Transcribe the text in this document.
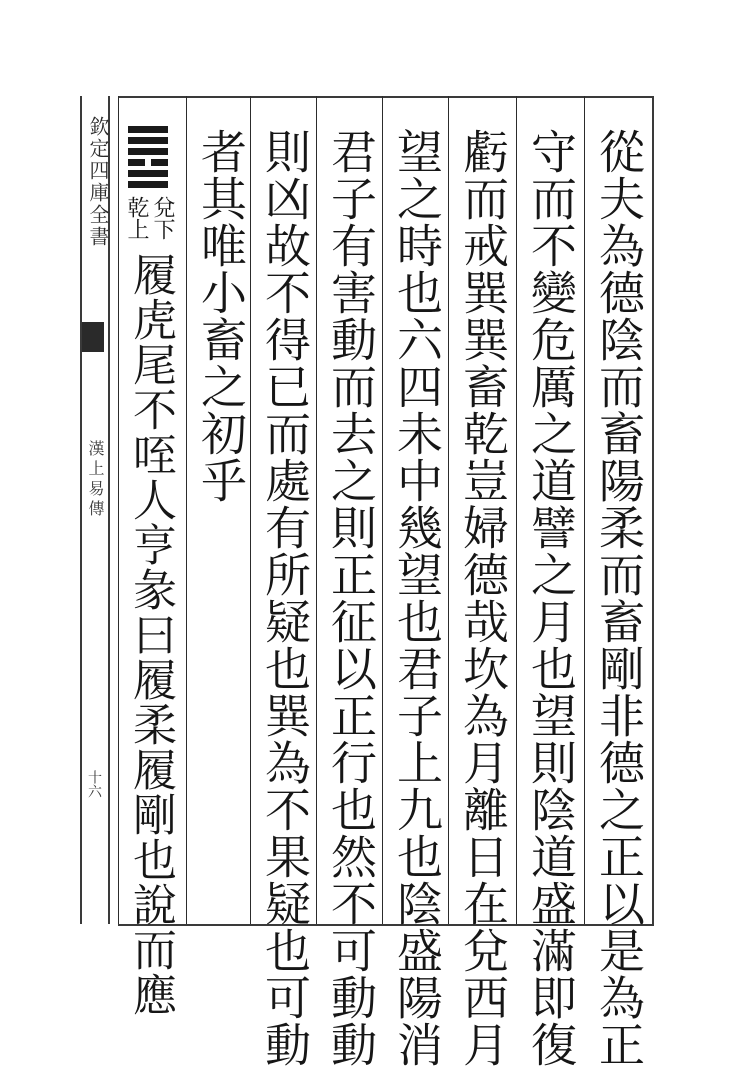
欽定四庫全書
漢上易傳
十六	從夫為德陰而畜陽柔而畜剛非德之正以是為正
守而不變危厲之道譬之月也望則陰道盛滿即復
虧而戒巽巽畜乾豈婦德哉坎為月離日在兌西月
望之時也六四未中幾望也君子上九也陰盛陽消
君子有害動而去之則正征以正行也然不可動動
則凶故不得已而處有所疑也巽為不果疑也可動
者其唯小畜之初乎
兌下
乾上
履虎尾不咥人亨彖曰履柔履剛也說而應
